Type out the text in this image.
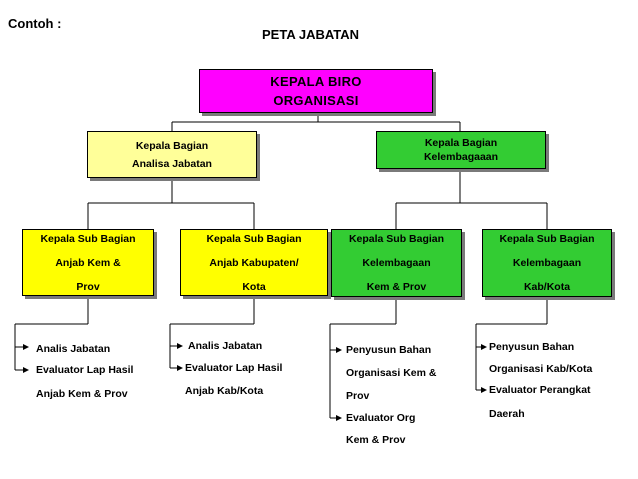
Contoh :
PETA JABATAN
KEPALA BIRO
ORGANISASI
Kepala Bagian
Analisa Jabatan
Kepala Bagian
Kelembagaaan
Kepala Sub Bagian
Anjab Kem &
Prov
Kepala Sub Bagian
Anjab Kabupaten/
Kota
Kepala Sub Bagian
Kelembagaan
Kem & Prov
Kepala Sub Bagian
Kelembagaan
Kab/Kota
Analis Jabatan
Evaluator Lap Hasil
Anjab Kem & Prov
Analis Jabatan
Evaluator Lap Hasil
Anjab Kab/Kota
Penyusun Bahan
Organisasi Kem &
Prov
Evaluator Org
Kem & Prov
Penyusun Bahan
Organisasi Kab/Kota
Evaluator Perangkat
Daerah
